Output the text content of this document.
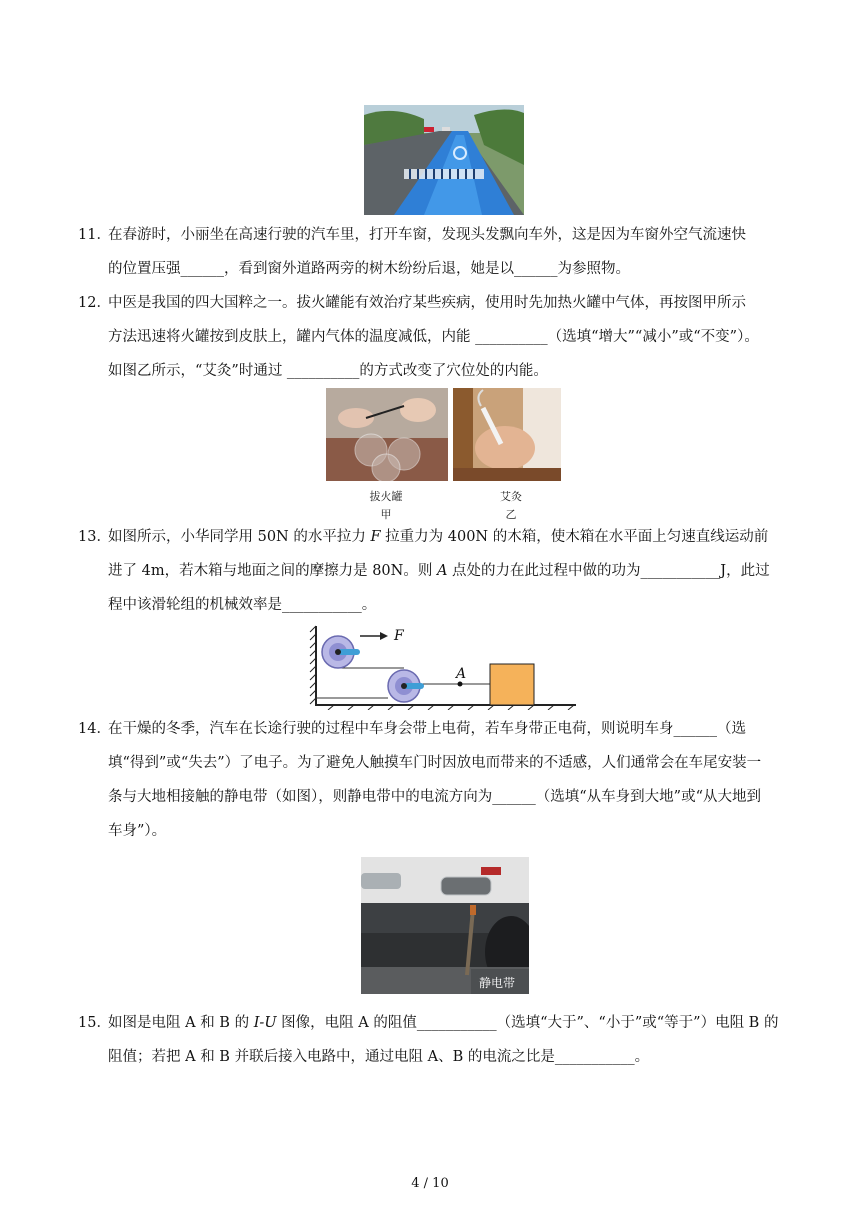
11．在春游时，小丽坐在高速行驶的汽车里，打开车窗，发现头发飘向车外，这是因为车窗外空气流速快
的位置压强______，看到窗外道路两旁的树木纷纷后退，她是以______为参照物。
12．中医是我国的四大国粹之一。拔火罐能有效治疗某些疾病，使用时先加热火罐中气体，再按图甲所示
方法迅速将火罐按到皮肤上，罐内气体的温度减低，内能 __________（选填“增大”“减小”或“不变”）。
如图乙所示，“艾灸”时通过 __________的方式改变了穴位处的内能。
拔火罐
甲
艾灸
乙
13．如图所示，小华同学用 50N 的水平拉力 F 拉重力为 400N 的木箱，使木箱在水平面上匀速直线运动前
进了 4m，若木箱与地面之间的摩擦力是 80N。则 A 点处的力在此过程中做的功为___________J，此过
程中该滑轮组的机械效率是___________。
F
A
14．在干燥的冬季，汽车在长途行驶的过程中车身会带上电荷，若车身带正电荷，则说明车身______（选
填“得到”或“失去”）了电子。为了避免人触摸车门时因放电而带来的不适感，人们通常会在车尾安装一
条与大地相接触的静电带（如图），则静电带中的电流方向为______（选填“从车身到大地”或“从大地到
车身”）。
静电带
15．如图是电阻 A 和 B 的 I-U 图像，电阻 A 的阻值___________（选填“大于”、“小于”或“等于”）电阻 B 的
阻值；若把 A 和 B 并联后接入电路中，通过电阻 A、B 的电流之比是___________。
4 / 10
